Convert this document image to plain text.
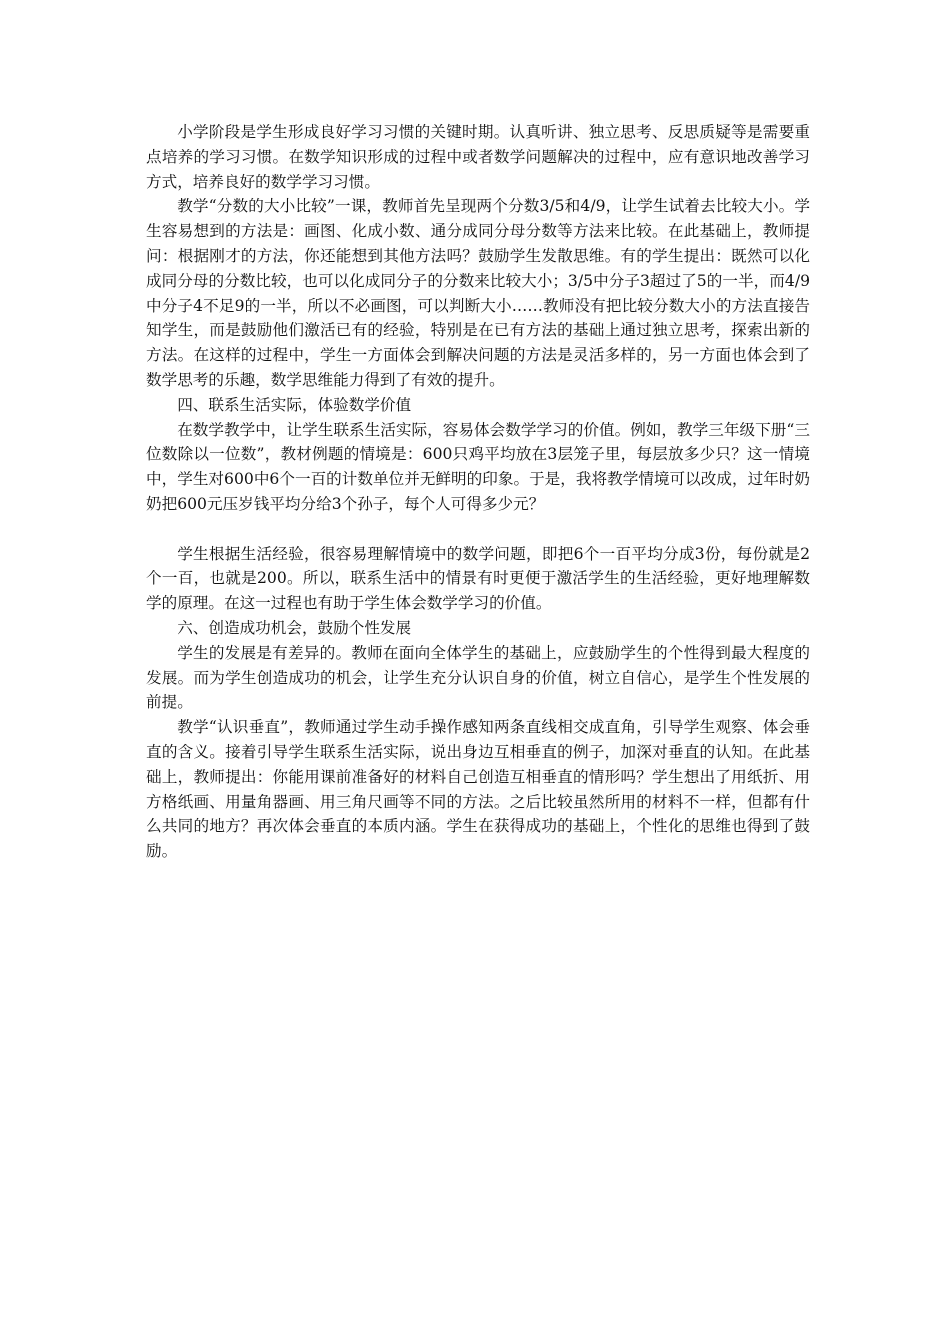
小学阶段是学生形成良好学习习惯的关键时期。认真听讲、独立思考、反思质疑等是需要重点培养的学习习惯。在数学知识形成的过程中或者数学问题解决的过程中，应有意识地改善学习方式，培养良好的数学学习习惯。

教学“分数的大小比较”一课，教师首先呈现两个分数3/5和4/9，让学生试着去比较大小。学生容易想到的方法是：画图、化成小数、通分成同分母分数等方法来比较。在此基础上，教师提问：根据刚才的方法，你还能想到其他方法吗？鼓励学生发散思维。有的学生提出：既然可以化成同分母的分数比较，也可以化成同分子的分数来比较大小；3/5中分子3超过了5的一半，而4/9中分子4不足9的一半，所以不必画图，可以判断大小……教师没有把比较分数大小的方法直接告知学生，而是鼓励他们激活已有的经验，特别是在已有方法的基础上通过独立思考，探索出新的方法。在这样的过程中，学生一方面体会到解决问题的方法是灵活多样的，另一方面也体会到了数学思考的乐趣，数学思维能力得到了有效的提升。

四、联系生活实际，体验数学价值

在数学教学中，让学生联系生活实际，容易体会数学学习的价值。例如，教学三年级下册“三位数除以一位数”，教材例题的情境是：600只鸡平均放在3层笼子里，每层放多少只？这一情境中，学生对600中6个一百的计数单位并无鲜明的印象。于是，我将教学情境可以改成，过年时奶奶把600元压岁钱平均分给3个孙子，每个人可得多少元？

学生根据生活经验，很容易理解情境中的数学问题，即把6个一百平均分成3份，每份就是2个一百，也就是200。所以，联系生活中的情景有时更便于激活学生的生活经验，更好地理解数学的原理。在这一过程也有助于学生体会数学学习的价值。

六、创造成功机会，鼓励个性发展

学生的发展是有差异的。教师在面向全体学生的基础上，应鼓励学生的个性得到最大程度的发展。而为学生创造成功的机会，让学生充分认识自身的价值，树立自信心，是学生个性发展的前提。

教学“认识垂直”，教师通过学生动手操作感知两条直线相交成直角，引导学生观察、体会垂直的含义。接着引导学生联系生活实际，说出身边互相垂直的例子，加深对垂直的认知。在此基础上，教师提出：你能用课前准备好的材料自己创造互相垂直的情形吗？学生想出了用纸折、用方格纸画、用量角器画、用三角尺画等不同的方法。之后比较虽然所用的材料不一样，但都有什么共同的地方？再次体会垂直的本质内涵。学生在获得成功的基础上，个性化的思维也得到了鼓励。
